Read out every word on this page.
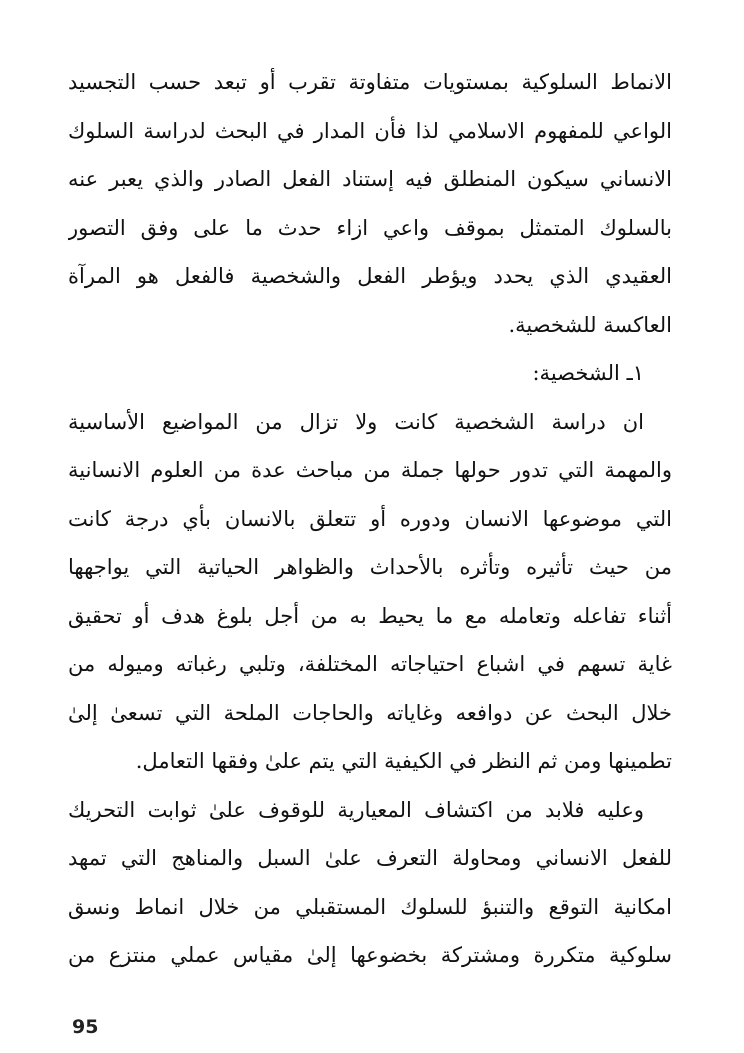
الانماط السلوكية بمستويات متفاوتة تقرب أو تبعد حسب التجسيد
الواعي للمفهوم الاسلامي لذا فأن المدار في البحث لدراسة السلوك
الانساني سيكون المنطلق فيه إستناد الفعل الصادر والذي يعبر عنه
بالسلوك المتمثل بموقف واعي ازاء حدث ما على وفق التصور
العقيدي الذي يحدد ويؤطر الفعل والشخصية فالفعل هو المرآة
العاكسة للشخصية.
١ـ الشخصية:
ان دراسة الشخصية كانت ولا تزال من المواضيع الأساسية
والمهمة التي تدور حولها جملة من مباحث عدة من العلوم الانسانية
التي موضوعها الانسان ودوره أو تتعلق بالانسان بأي درجة كانت
من حيث تأثيره وتأثره بالأحداث والظواهر الحياتية التي يواجهها
أثناء تفاعله وتعامله مع ما يحيط به من أجل بلوغ هدف أو تحقيق
غاية تسهم في اشباع احتياجاته المختلفة، وتلبي رغباته وميوله من
خلال البحث عن دوافعه وغاياته والحاجات الملحة التي تسعىٰ إلىٰ
تطمينها ومن ثم النظر في الكيفية التي يتم علىٰ وفقها التعامل.
وعليه فلابد من اكتشاف المعيارية للوقوف علىٰ ثوابت التحريك
للفعل الانساني ومحاولة التعرف علىٰ السبل والمناهج التي تمهد
امكانية التوقع والتنبؤ للسلوك المستقبلي من خلال انماط ونسق
سلوكية متكررة ومشتركة بخضوعها إلىٰ مقياس عملي منتزع من
95
